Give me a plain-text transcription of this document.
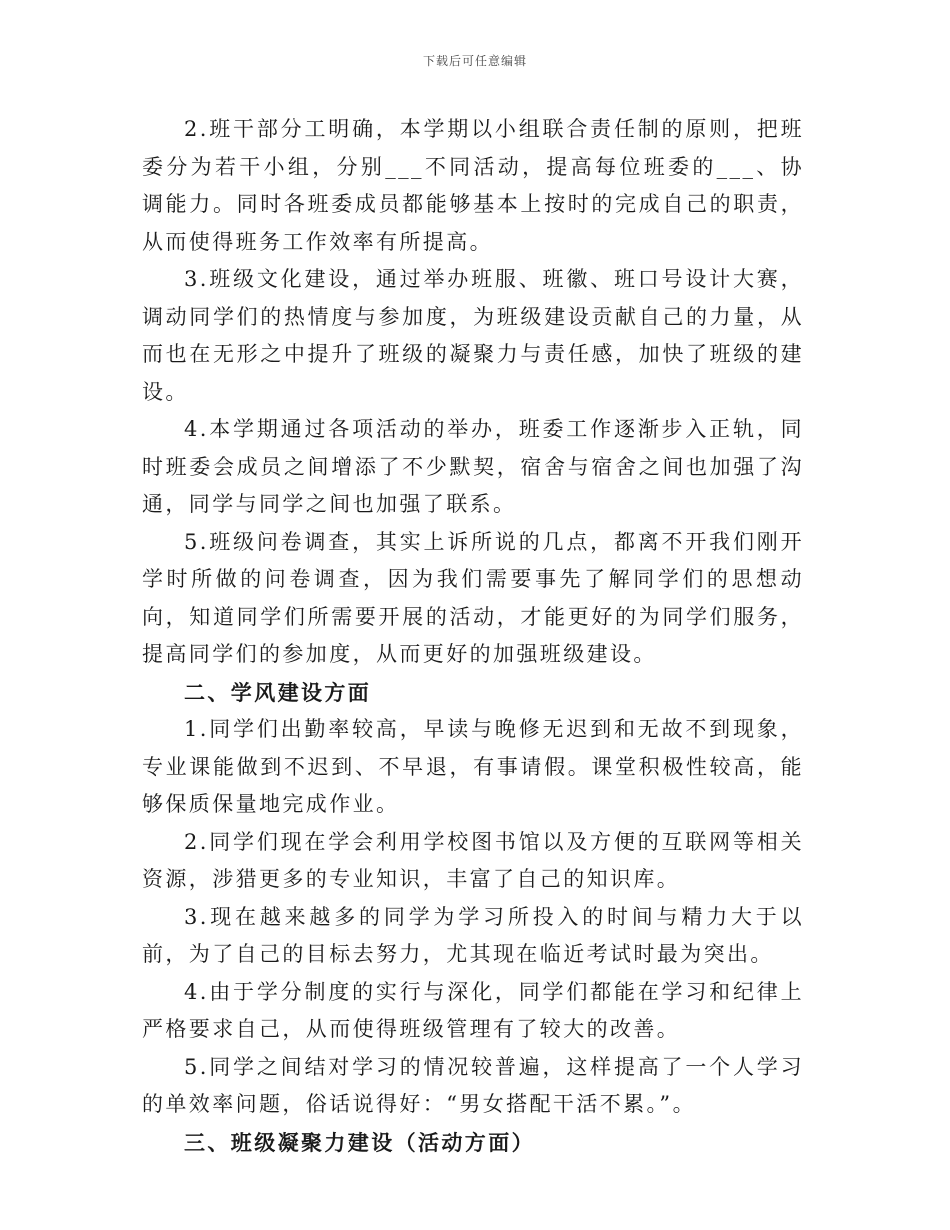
下载后可任意编辑

2.班干部分工明确，本学期以小组联合责任制的原则，把班委分为若干小组，分别___不同活动，提高每位班委的___、协调能力。同时各班委成员都能够基本上按时的完成自己的职责，从而使得班务工作效率有所提高。

3.班级文化建设，通过举办班服、班徽、班口号设计大赛，调动同学们的热情度与参加度，为班级建设贡献自己的力量，从而也在无形之中提升了班级的凝聚力与责任感，加快了班级的建设。

4.本学期通过各项活动的举办，班委工作逐渐步入正轨，同时班委会成员之间增添了不少默契，宿舍与宿舍之间也加强了沟通，同学与同学之间也加强了联系。

5.班级问卷调查，其实上诉所说的几点，都离不开我们刚开学时所做的问卷调查，因为我们需要事先了解同学们的思想动向，知道同学们所需要开展的活动，才能更好的为同学们服务，提高同学们的参加度，从而更好的加强班级建设。

二、学风建设方面

1.同学们出勤率较高，早读与晚修无迟到和无故不到现象，专业课能做到不迟到、不早退，有事请假。课堂积极性较高，能够保质保量地完成作业。

2.同学们现在学会利用学校图书馆以及方便的互联网等相关资源，涉猎更多的专业知识，丰富了自己的知识库。

3.现在越来越多的同学为学习所投入的时间与精力大于以前，为了自己的目标去努力，尤其现在临近考试时最为突出。

4.由于学分制度的实行与深化，同学们都能在学习和纪律上严格要求自己，从而使得班级管理有了较大的改善。

5.同学之间结对学习的情况较普遍，这样提高了一个人学习的单效率问题，俗话说得好：“男女搭配干活不累。”。

三、班级凝聚力建设（活动方面）
